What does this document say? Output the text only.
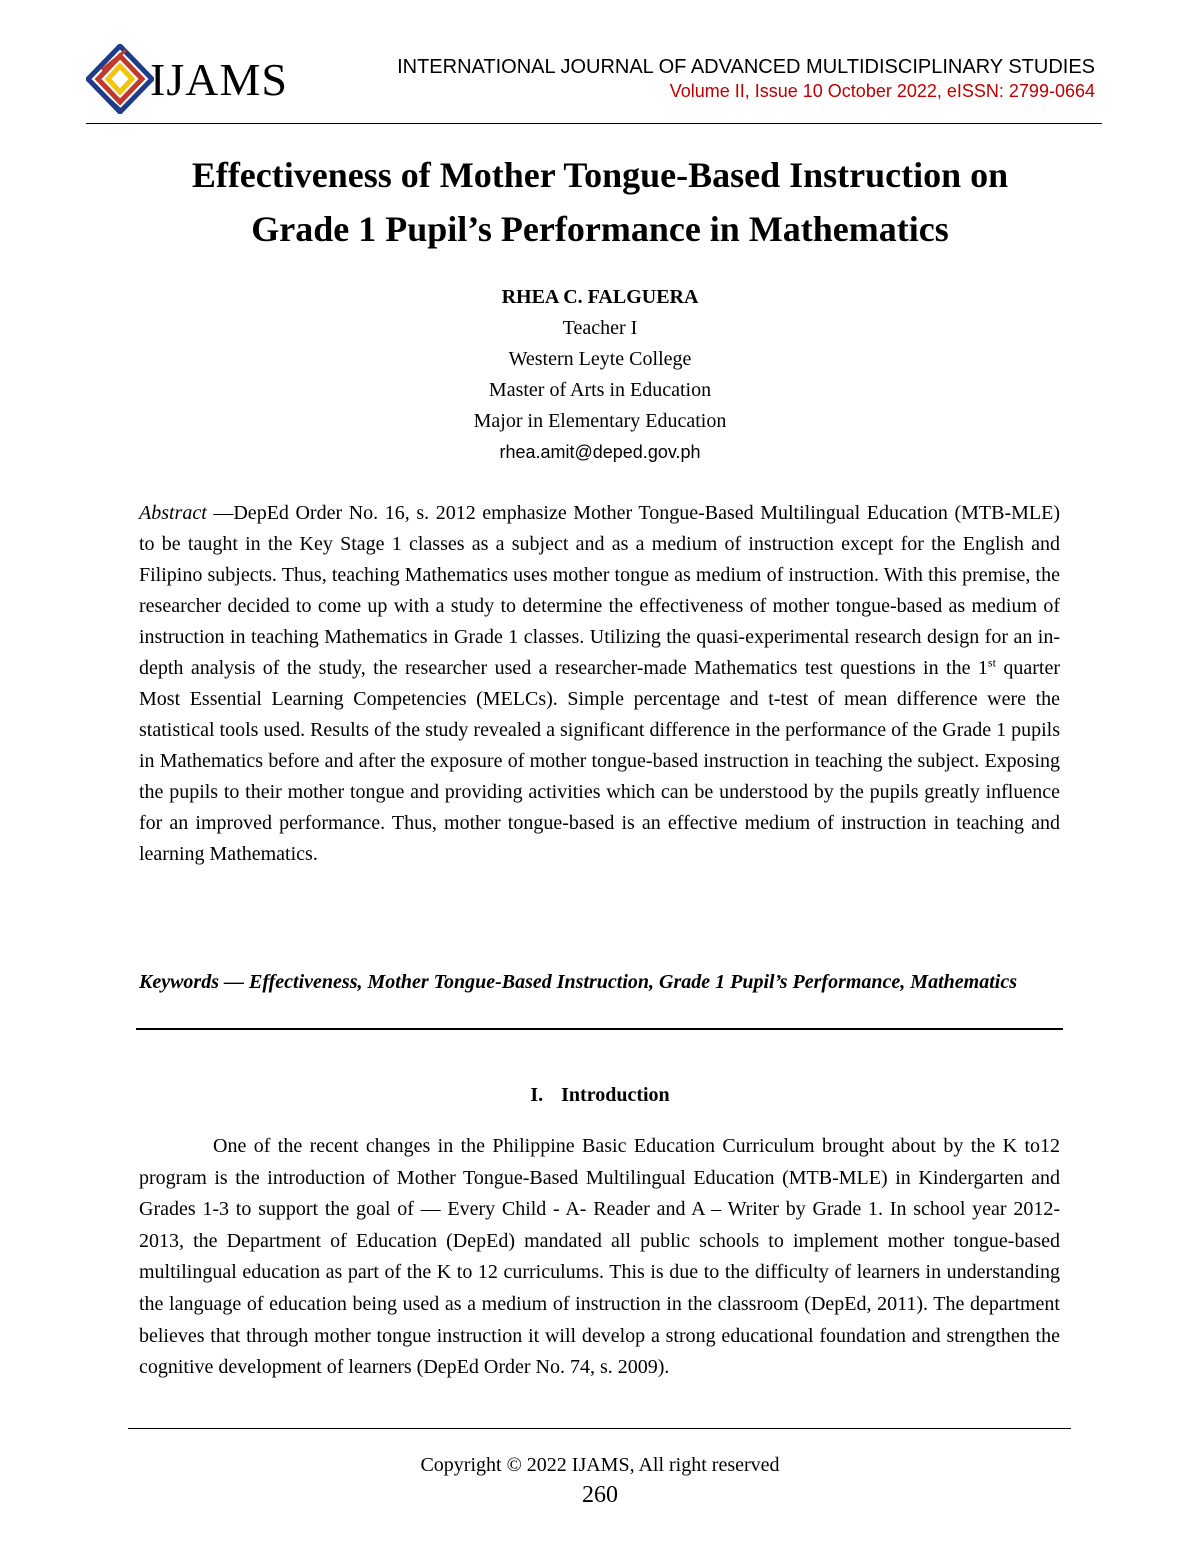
IJAMS	INTERNATIONAL JOURNAL OF ADVANCED MULTIDISCIPLINARY STUDIES
Volume II, Issue 10 October 2022, eISSN: 2799-0664
Effectiveness of Mother Tongue-Based Instruction on
Grade 1 Pupil’s Performance in Mathematics
RHEA C. FALGUERA
Teacher I
Western Leyte College
Master of Arts in Education
Major in Elementary Education
rhea.amit@deped.gov.ph
Abstract —DepEd Order No. 16, s. 2012 emphasize Mother Tongue-Based Multilingual Education (MTB-MLE) to be taught in the Key Stage 1 classes as a subject and as a medium of instruction except for the English and Filipino subjects. Thus, teaching Mathematics uses mother tongue as medium of instruction. With this premise, the researcher decided to come up with a study to determine the effectiveness of mother tongue-based as medium of instruction in teaching Mathematics in Grade 1 classes. Utilizing the quasi-experimental research design for an in-depth analysis of the study, the researcher used a researcher-made Mathematics test questions in the 1st quarter Most Essential Learning Competencies (MELCs). Simple percentage and t-test of mean difference were the statistical tools used. Results of the study revealed a significant difference in the performance of the Grade 1 pupils in Mathematics before and after the exposure of mother tongue-based instruction in teaching the subject. Exposing the pupils to their mother tongue and providing activities which can be understood by the pupils greatly influence for an improved performance. Thus, mother tongue-based is an effective medium of instruction in teaching and learning Mathematics.
Keywords — Effectiveness, Mother Tongue-Based Instruction, Grade 1 Pupil’s Performance, Mathematics
I. Introduction
One of the recent changes in the Philippine Basic Education Curriculum brought about by the K to12 program is the introduction of Mother Tongue-Based Multilingual Education (MTB-MLE) in Kindergarten and Grades 1-3 to support the goal of ― Every Child - A- Reader and A – Writer by Grade 1. In school year 2012-2013, the Department of Education (DepEd) mandated all public schools to implement mother tongue-based multilingual education as part of the K to 12 curriculums. This is due to the difficulty of learners in understanding the language of education being used as a medium of instruction in the classroom (DepEd, 2011). The department believes that through mother tongue instruction it will develop a strong educational foundation and strengthen the cognitive development of learners (DepEd Order No. 74, s. 2009).
Copyright © 2022 IJAMS, All right reserved
260
